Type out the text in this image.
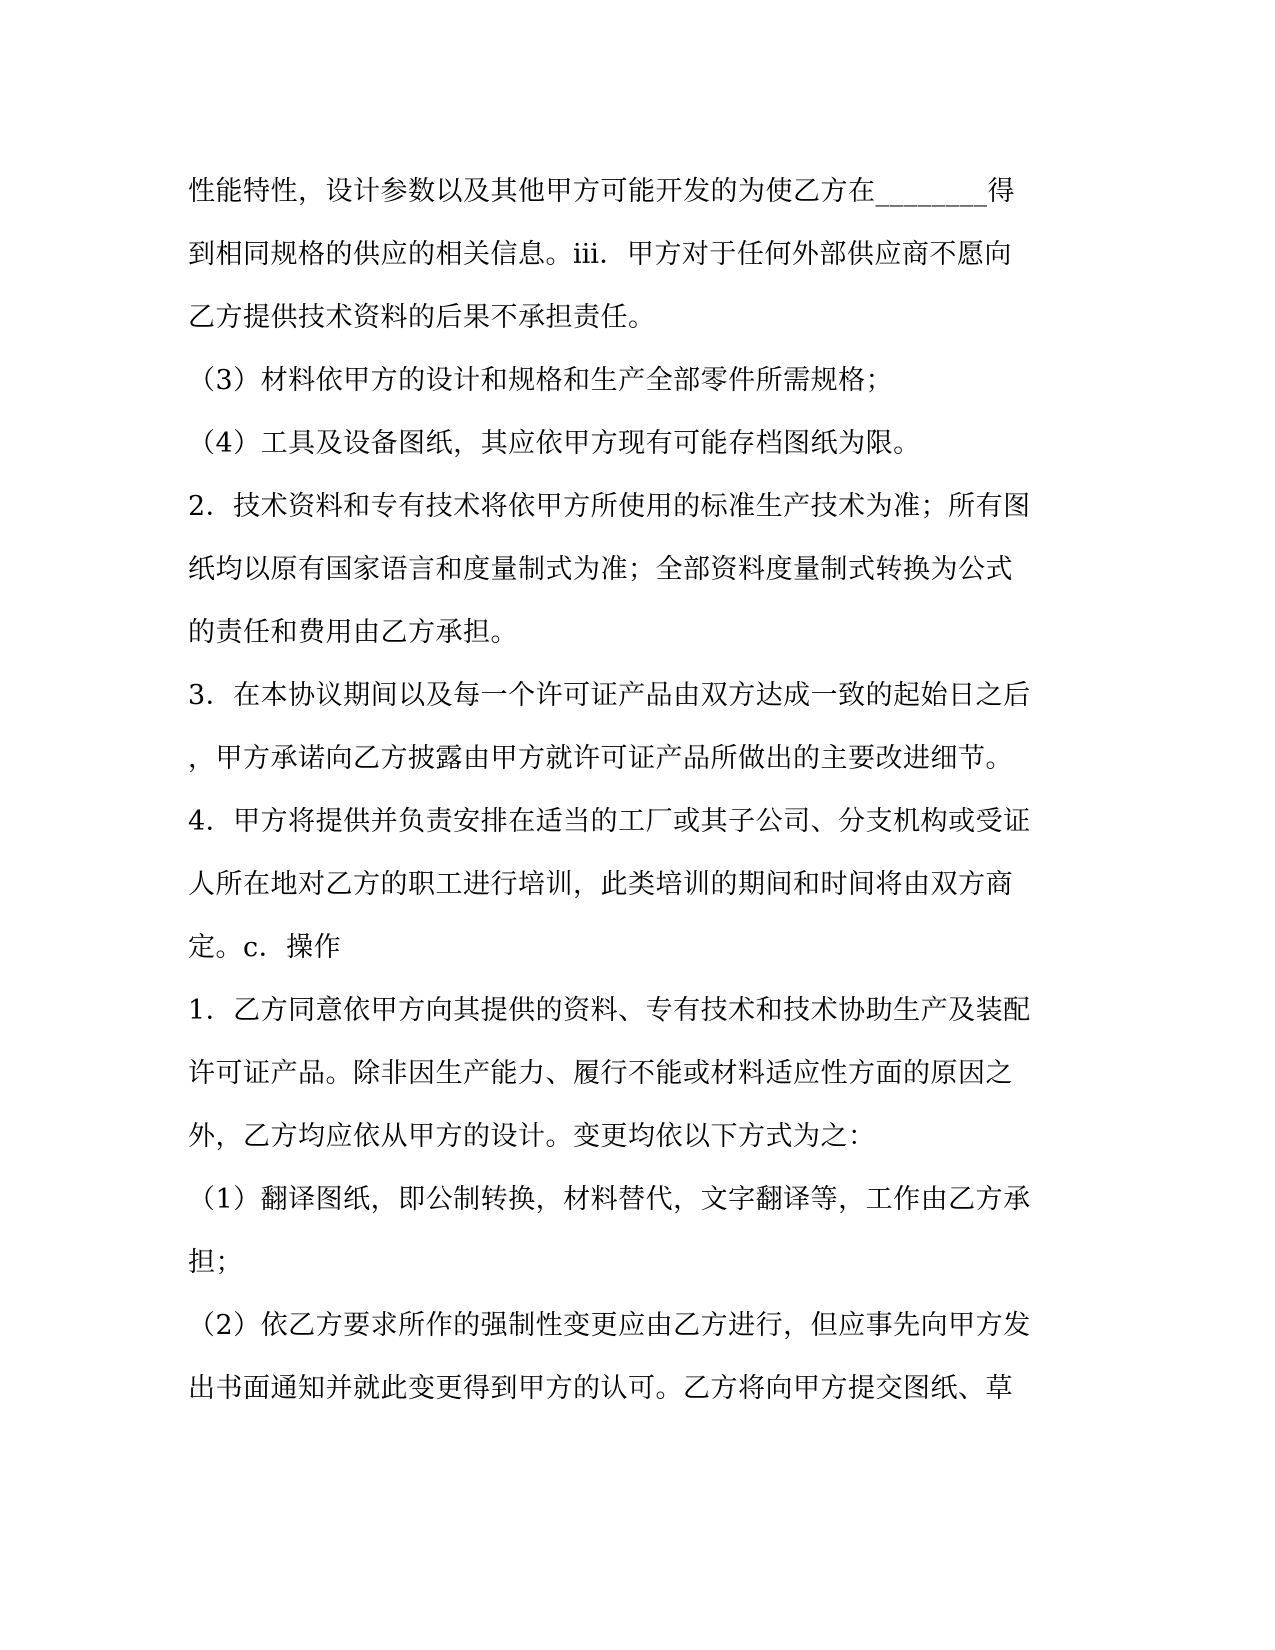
性能特性，设计参数以及其他甲方可能开发的为使乙方在________得
到相同规格的供应的相关信息。ⅲ．甲方对于任何外部供应商不愿向
乙方提供技术资料的后果不承担责任。
（3）材料依甲方的设计和规格和生产全部零件所需规格；
（4）工具及设备图纸，其应依甲方现有可能存档图纸为限。
2．技术资料和专有技术将依甲方所使用的标准生产技术为准；所有图
纸均以原有国家语言和度量制式为准；全部资料度量制式转换为公式
的责任和费用由乙方承担。
3．在本协议期间以及每一个许可证产品由双方达成一致的起始日之后
，甲方承诺向乙方披露由甲方就许可证产品所做出的主要改进细节。
4．甲方将提供并负责安排在适当的工厂或其子公司、分支机构或受证
人所在地对乙方的职工进行培训，此类培训的期间和时间将由双方商
定。c．操作
1．乙方同意依甲方向其提供的资料、专有技术和技术协助生产及装配
许可证产品。除非因生产能力、履行不能或材料适应性方面的原因之
外，乙方均应依从甲方的设计。变更均依以下方式为之：
（1）翻译图纸，即公制转换，材料替代，文字翻译等，工作由乙方承
担；
（2）依乙方要求所作的强制性变更应由乙方进行，但应事先向甲方发
出书面通知并就此变更得到甲方的认可。乙方将向甲方提交图纸、草
